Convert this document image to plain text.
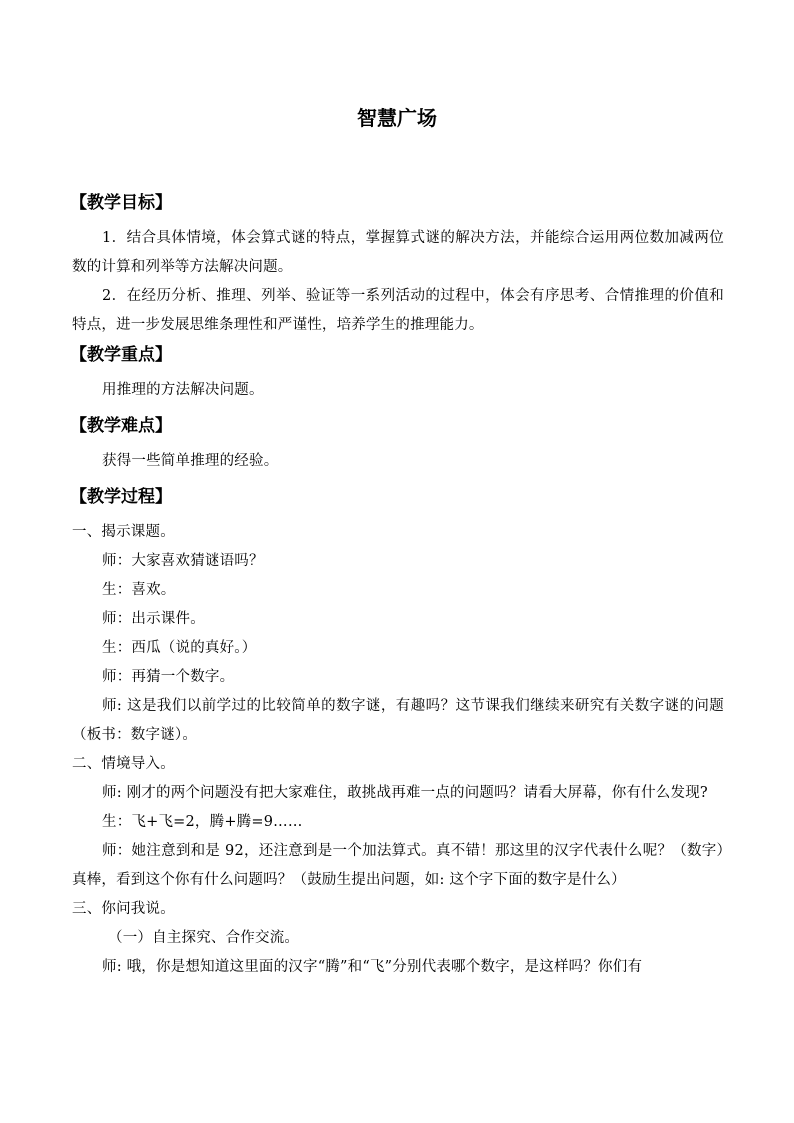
智慧广场
【教学目标】
1．结合具体情境，体会算式谜的特点，掌握算式谜的解决方法，并能综合运用两位数加减两位数的计算和列举等方法解决问题。
2．在经历分析、推理、列举、验证等一系列活动的过程中，体会有序思考、合情推理的价值和特点，进一步发展思维条理性和严谨性，培养学生的推理能力。
【教学重点】
用推理的方法解决问题。
【教学难点】
获得一些简单推理的经验。
【教学过程】
一、揭示课题。
师：大家喜欢猜谜语吗？
生：喜欢。
师：出示课件。
生：西瓜（说的真好。）
师：再猜一个数字。
师: 这是我们以前学过的比较简单的数字谜，有趣吗？这节课我们继续来研究有关数字谜的问题（板书：数字谜）。
二、情境导入。
师: 刚才的两个问题没有把大家难住，敢挑战再难一点的问题吗？请看大屏幕，你有什么发现?
生：飞+飞=2，腾+腾=9……
师：她注意到和是 92，还注意到是一个加法算式。真不错！那这里的汉字代表什么呢？（数字）真棒，看到这个你有什么问题吗？（鼓励生提出问题，如: 这个字下面的数字是什么）
三、你问我说。
（一）自主探究、合作交流。
师: 哦，你是想知道这里面的汉字“腾”和“飞”分别代表哪个数字，是这样吗？你们有
